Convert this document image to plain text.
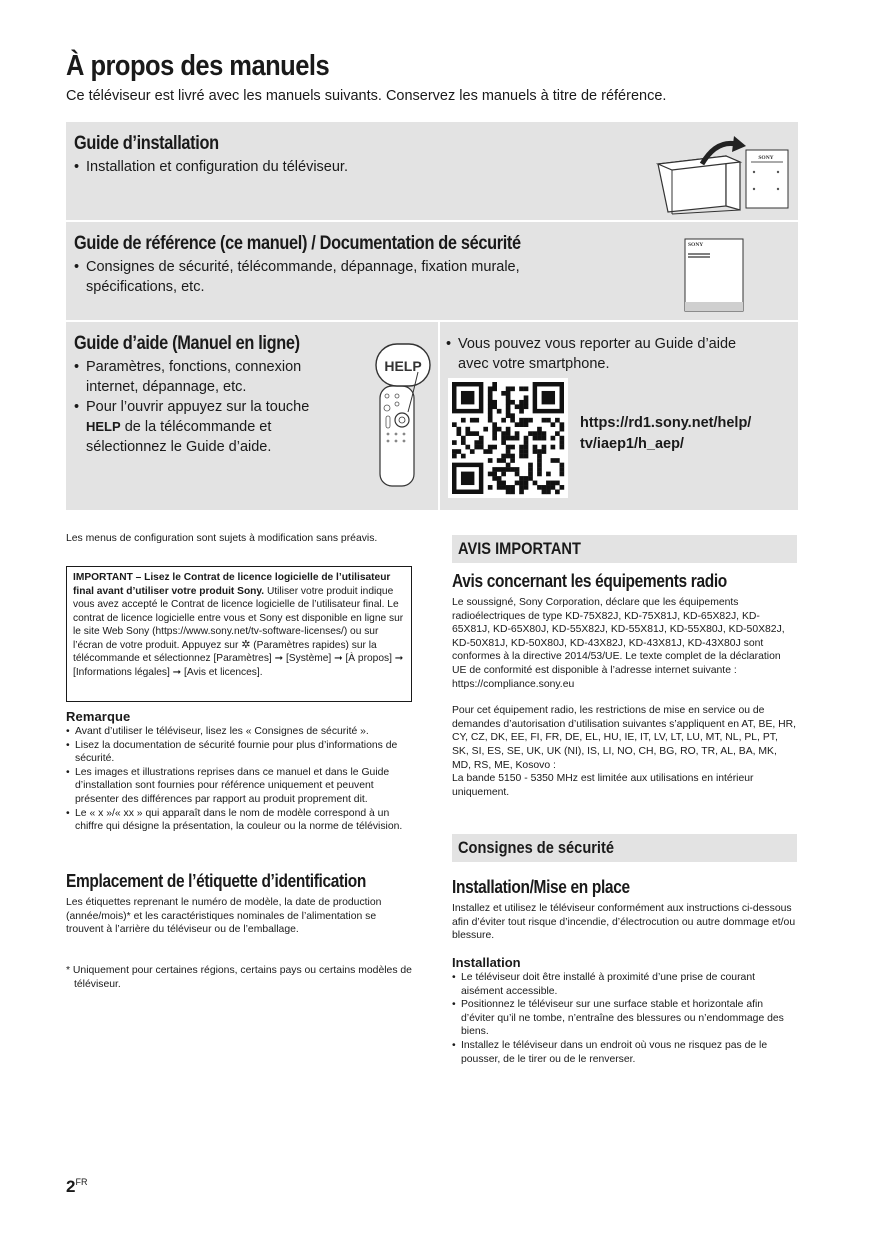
À propos des manuels
Ce téléviseur est livré avec les manuels suivants. Conservez les manuels à titre de référence.
Guide d’installation
• Installation et configuration du téléviseur.
SONY
Guide de référence (ce manuel) / Documentation de sécurité
• Consignes de sécurité, télécommande, dépannage, fixation murale,
spécifications, etc.
SONY
Guide d’aide (Manuel en ligne)
• Paramètres, fonctions, connexion
internet, dépannage, etc.
• Pour l’ouvrir appuyez sur la touche
HELP de la télécommande et
sélectionnez le Guide d’aide.
HELP
• Vous pouvez vous reporter au Guide d’aide
avec votre smartphone.
https://rd1.sony.net/help/
tv/iaep1/h_aep/
Les menus de configuration sont sujets à modification sans préavis.
IMPORTANT – Lisez le Contrat de licence logicielle de l’utilisateur final avant d’utiliser votre produit Sony. Utiliser votre produit indique vous avez accepté le Contrat de licence logicielle de l’utilisateur final. Le contrat de licence logicielle entre vous et Sony est disponible en ligne sur le site Web Sony (https://www.sony.net/tv-software-licenses/) ou sur l’écran de votre produit. Appuyez sur ✲ (Paramètres rapides) sur la télécommande et sélectionnez [Paramètres] ➞ [Système] ➞ [À propos] ➞ [Informations légales] ➞ [Avis et licences].
Remarque
• Avant d’utiliser le téléviseur, lisez les « Consignes de sécurité ».
• Lisez la documentation de sécurité fournie pour plus d’informations de sécurité.
• Les images et illustrations reprises dans ce manuel et dans le Guide d’installation sont fournies pour référence uniquement et peuvent présenter des différences par rapport au produit proprement dit.
• Le « x »/« xx » qui apparaît dans le nom de modèle correspond à un chiffre qui désigne la présentation, la couleur ou la norme de télévision.
Emplacement de l’étiquette d’identification
Les étiquettes reprenant le numéro de modèle, la date de production (année/mois)* et les caractéristiques nominales de l’alimentation se trouvent à l’arrière du téléviseur ou de l’emballage.
* Uniquement pour certaines régions, certains pays ou certains modèles de téléviseur.
AVIS IMPORTANT
Avis concernant les équipements radio
Le soussigné, Sony Corporation, déclare que les équipements radioélectriques de type KD-75X82J, KD-75X81J, KD-65X82J, KD-65X81J, KD-65X80J, KD-55X82J, KD-55X81J, KD-55X80J, KD-50X82J, KD-50X81J, KD-50X80J, KD-43X82J, KD-43X81J, KD-43X80J sont conformes à la directive 2014/53/UE. Le texte complet de la déclaration UE de conformité est disponible à l’adresse internet suivante :
https://compliance.sony.eu
Pour cet équipement radio, les restrictions de mise en service ou de demandes d’autorisation d’utilisation suivantes s’appliquent en AT, BE, HR, CY, CZ, DK, EE, FI, FR, DE, EL, HU, IE, IT, LV, LT, LU, MT, NL, PL, PT, SK, SI, ES, SE, UK, UK (NI), IS, LI, NO, CH, BG, RO, TR, AL, BA, MK, MD, RS, ME, Kosovo :
La bande 5150 - 5350 MHz est limitée aux utilisations en intérieur uniquement.
Consignes de sécurité
Installation/Mise en place
Installez et utilisez le téléviseur conformément aux instructions ci-dessous afin d’éviter tout risque d’incendie, d’électrocution ou autre dommage et/ou blessure.
Installation
• Le téléviseur doit être installé à proximité d’une prise de courant aisément accessible.
• Positionnez le téléviseur sur une surface stable et horizontale afin d’éviter qu’il ne tombe, n’entraîne des blessures ou n’endommage des biens.
• Installez le téléviseur dans un endroit où vous ne risquez pas de le pousser, de le tirer ou de le renverser.
$2^{FR}$
